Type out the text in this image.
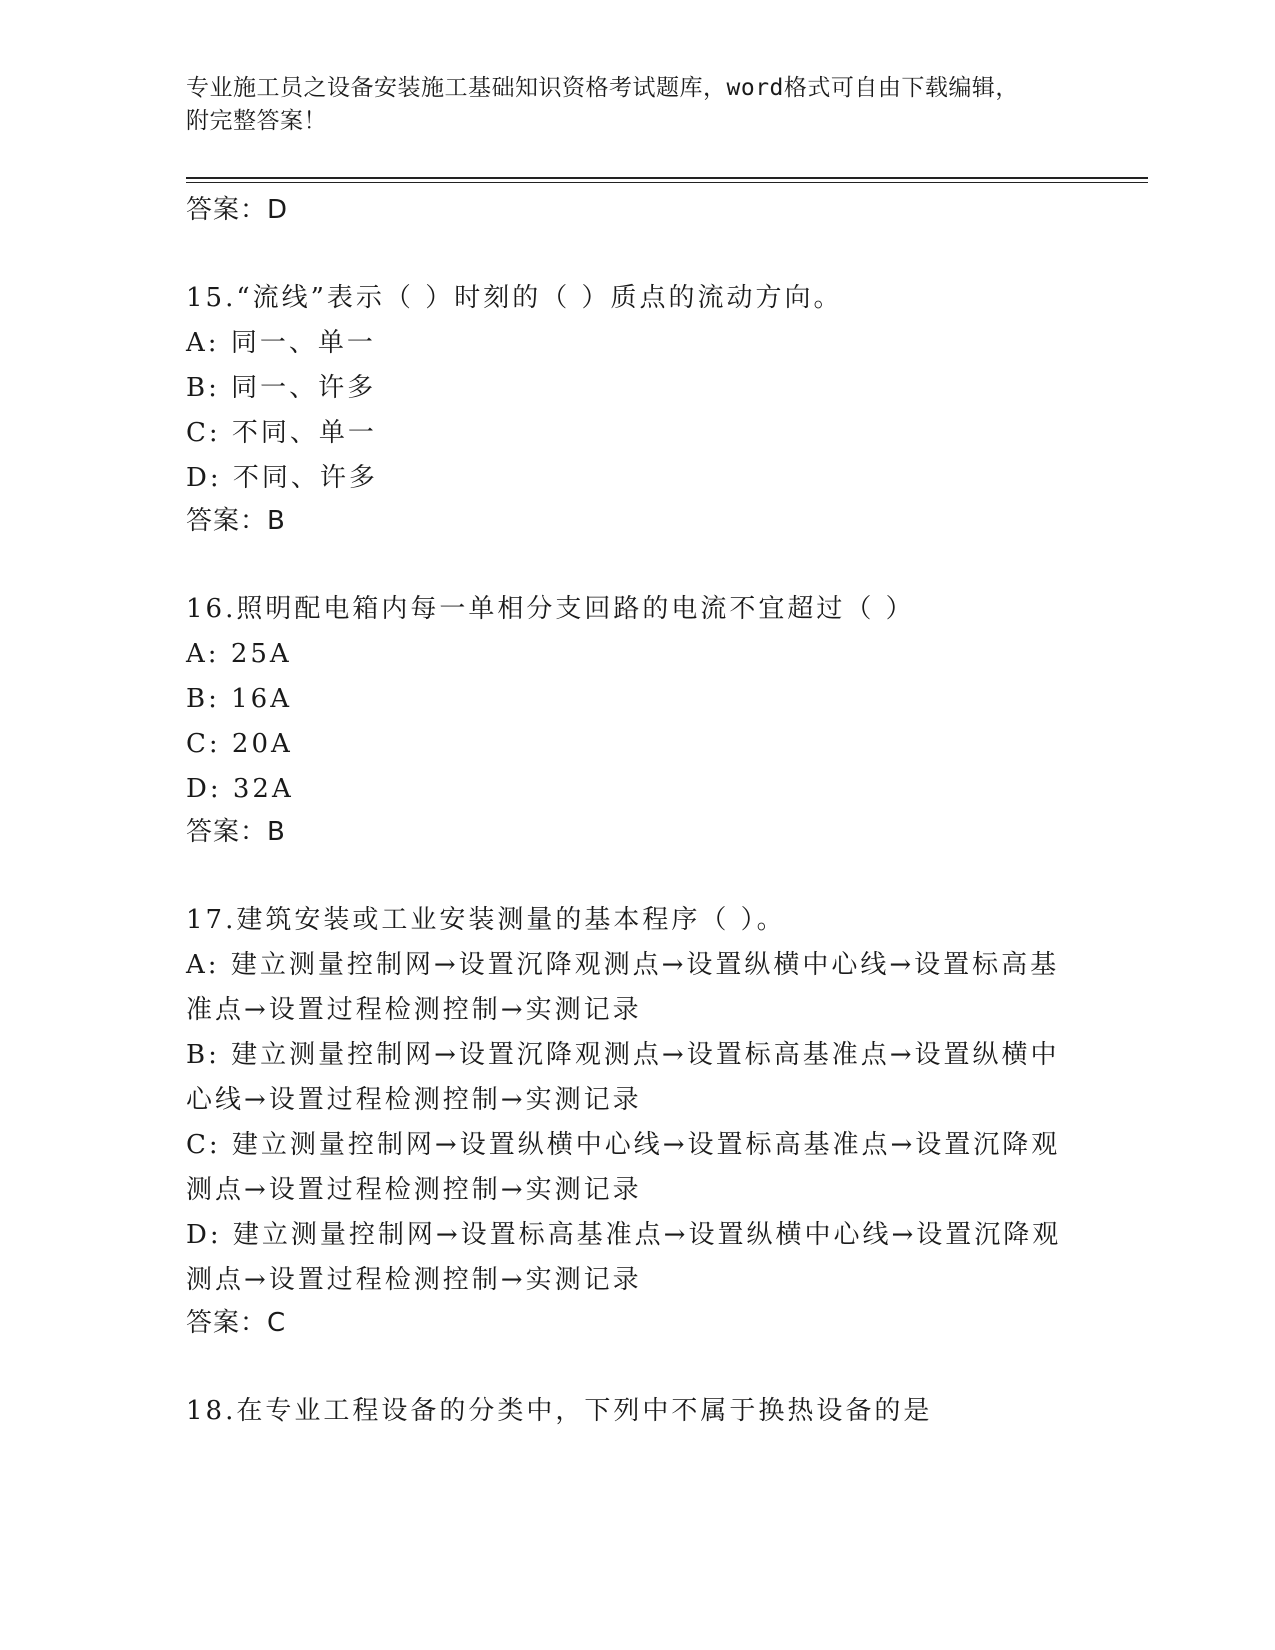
专业施工员之设备安装施工基础知识资格考试题库，word格式可自由下载编辑，
附完整答案！
答案：D
15.“流线”表示（ ）时刻的（ ）质点的流动方向。
A: 同一、单一
B: 同一、许多
C: 不同、单一
D: 不同、许多
答案：B
16.照明配电箱内每一单相分支回路的电流不宜超过（ ）
A: 25A
B: 16A
C: 20A
D: 32A
答案：B
17.建筑安装或工业安装测量的基本程序（ ）。
A: 建立测量控制网→设置沉降观测点→设置纵横中心线→设置标高基准点→设置过程检测控制→实测记录
B: 建立测量控制网→设置沉降观测点→设置标高基准点→设置纵横中心线→设置过程检测控制→实测记录
C: 建立测量控制网→设置纵横中心线→设置标高基准点→设置沉降观测点→设置过程检测控制→实测记录
D: 建立测量控制网→设置标高基准点→设置纵横中心线→设置沉降观测点→设置过程检测控制→实测记录
答案：C
18.在专业工程设备的分类中，下列中不属于换热设备的是
